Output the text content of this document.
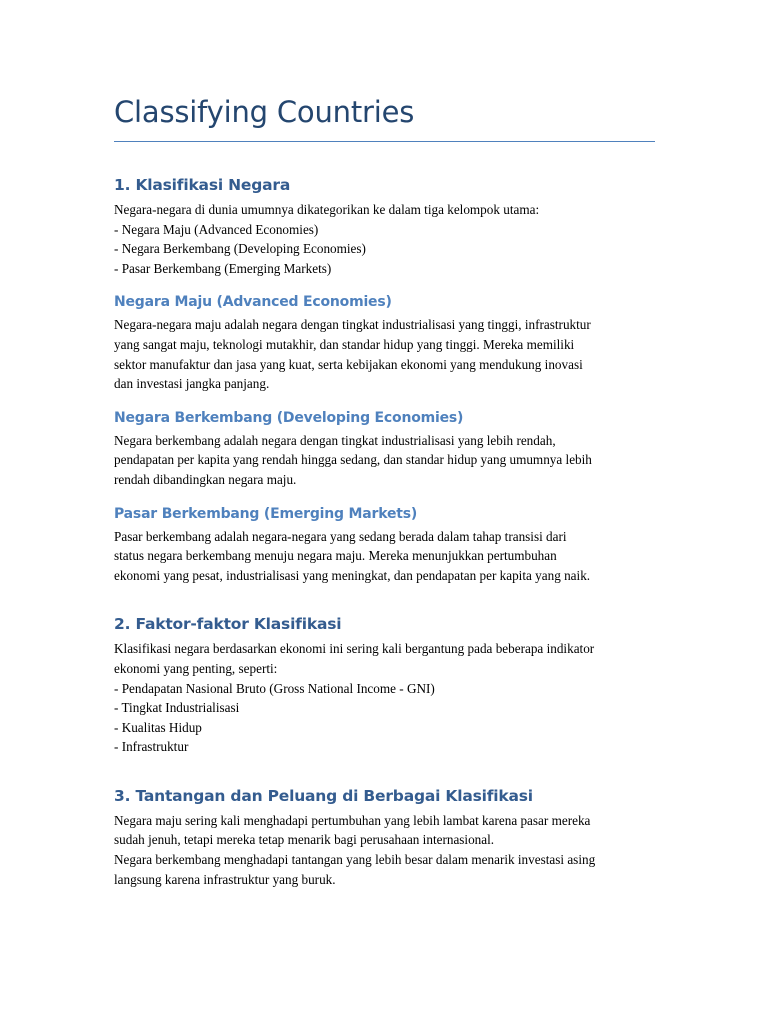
Classifying Countries
1. Klasifikasi Negara

Negara-negara di dunia umumnya dikategorikan ke dalam tiga kelompok utama:
- Negara Maju (Advanced Economies)
- Negara Berkembang (Developing Economies)
- Pasar Berkembang (Emerging Markets)

Negara Maju (Advanced Economies)

Negara-negara maju adalah negara dengan tingkat industrialisasi yang tinggi, infrastruktur
yang sangat maju, teknologi mutakhir, dan standar hidup yang tinggi. Mereka memiliki
sektor manufaktur dan jasa yang kuat, serta kebijakan ekonomi yang mendukung inovasi
dan investasi jangka panjang.

Negara Berkembang (Developing Economies)

Negara berkembang adalah negara dengan tingkat industrialisasi yang lebih rendah,
pendapatan per kapita yang rendah hingga sedang, dan standar hidup yang umumnya lebih
rendah dibandingkan negara maju.

Pasar Berkembang (Emerging Markets)

Pasar berkembang adalah negara-negara yang sedang berada dalam tahap transisi dari
status negara berkembang menuju negara maju. Mereka menunjukkan pertumbuhan
ekonomi yang pesat, industrialisasi yang meningkat, dan pendapatan per kapita yang naik.

2. Faktor-faktor Klasifikasi

Klasifikasi negara berdasarkan ekonomi ini sering kali bergantung pada beberapa indikator
ekonomi yang penting, seperti:
- Pendapatan Nasional Bruto (Gross National Income - GNI)
- Tingkat Industrialisasi
- Kualitas Hidup
- Infrastruktur

3. Tantangan dan Peluang di Berbagai Klasifikasi

Negara maju sering kali menghadapi pertumbuhan yang lebih lambat karena pasar mereka
sudah jenuh, tetapi mereka tetap menarik bagi perusahaan internasional.
Negara berkembang menghadapi tantangan yang lebih besar dalam menarik investasi asing
langsung karena infrastruktur yang buruk.
